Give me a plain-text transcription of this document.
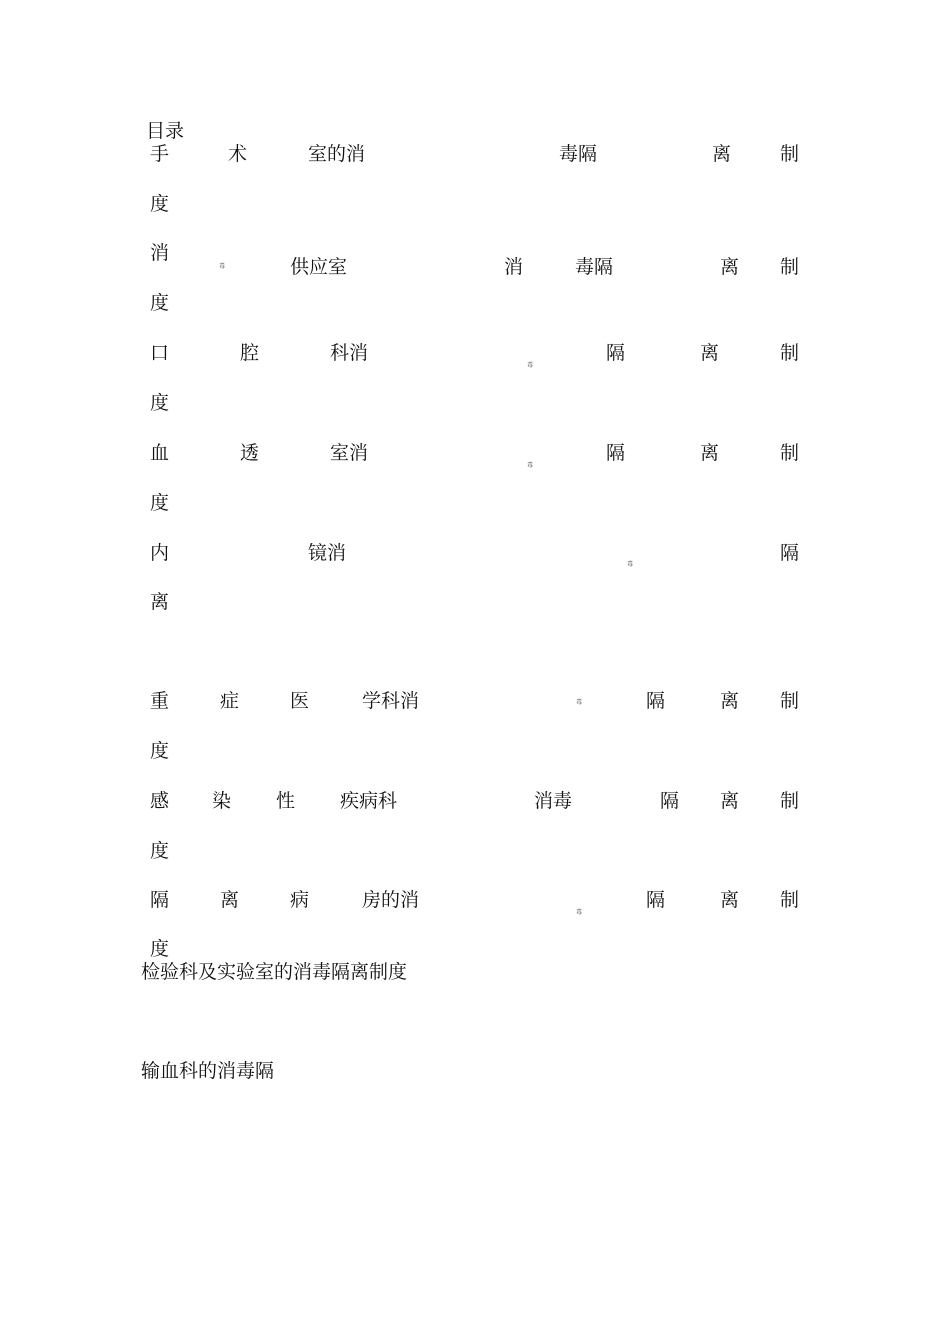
目录
手	术	室的消	毒隔	离	制
度
消
毒	供应室	消	毒隔	离 制
度
口	腔	科消
毒
隔	离	制
度
血	透	室消
毒
隔	离	制
度
内	镜消
毒
隔
离
重	症	医	学科消	毒	隔	离 制
度
感 染 性 疾病科	消毒	隔 离 制
度
隔	离	病	房的消
毒
隔	离 制
度
检验科及实验室的消毒隔离制度
输血科的消毒隔
